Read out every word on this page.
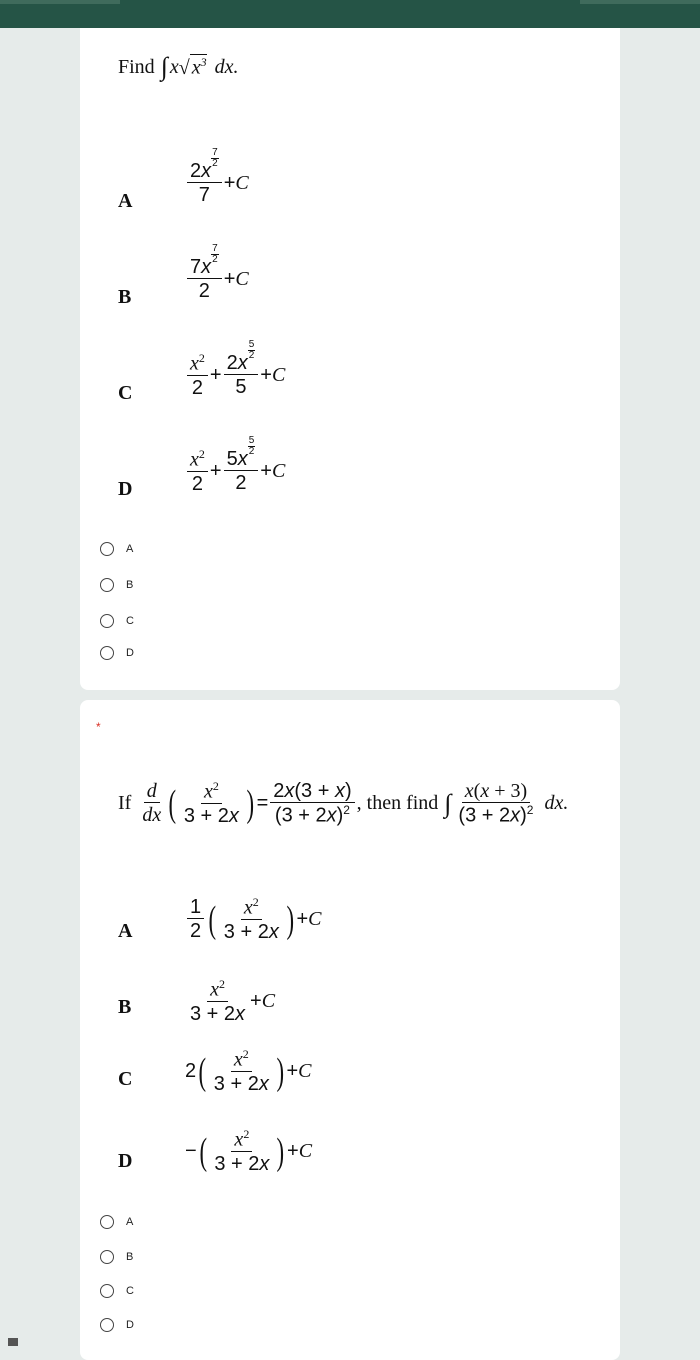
Find ∫ x √ $x^3$ dx.
A	2x
$\frac{7}{2}$
7 + C
B	7x
$\frac{7}{2}$
2 + C
C	$\frac{x^2}{2} + 2x$
$\frac{5}{2}$
5 + C
D	$\frac{x^2}{2} + 5x$
$\frac{5}{2}$
2 + C
A
B
C
D
*
If $\frac{d}{dx}$ ( $\frac{x^2}{3 + 2x}$ ) = $\frac{2x(3 + x)}{(3 + 2x)^2}$ , then find ∫ $\frac{x(x + 3)}{(3 + 2x)^2}$ dx.
A	$\frac{1}{2}$ ( $\frac{x^2}{3 + 2x}$ ) + C
B	$\frac{x^2}{3 + 2x} + C$
C	2 ( $\frac{x^2}{3 + 2x}$ ) + C
D	− ( $\frac{x^2}{3 + 2x}$ ) + C
A
B
C
D
